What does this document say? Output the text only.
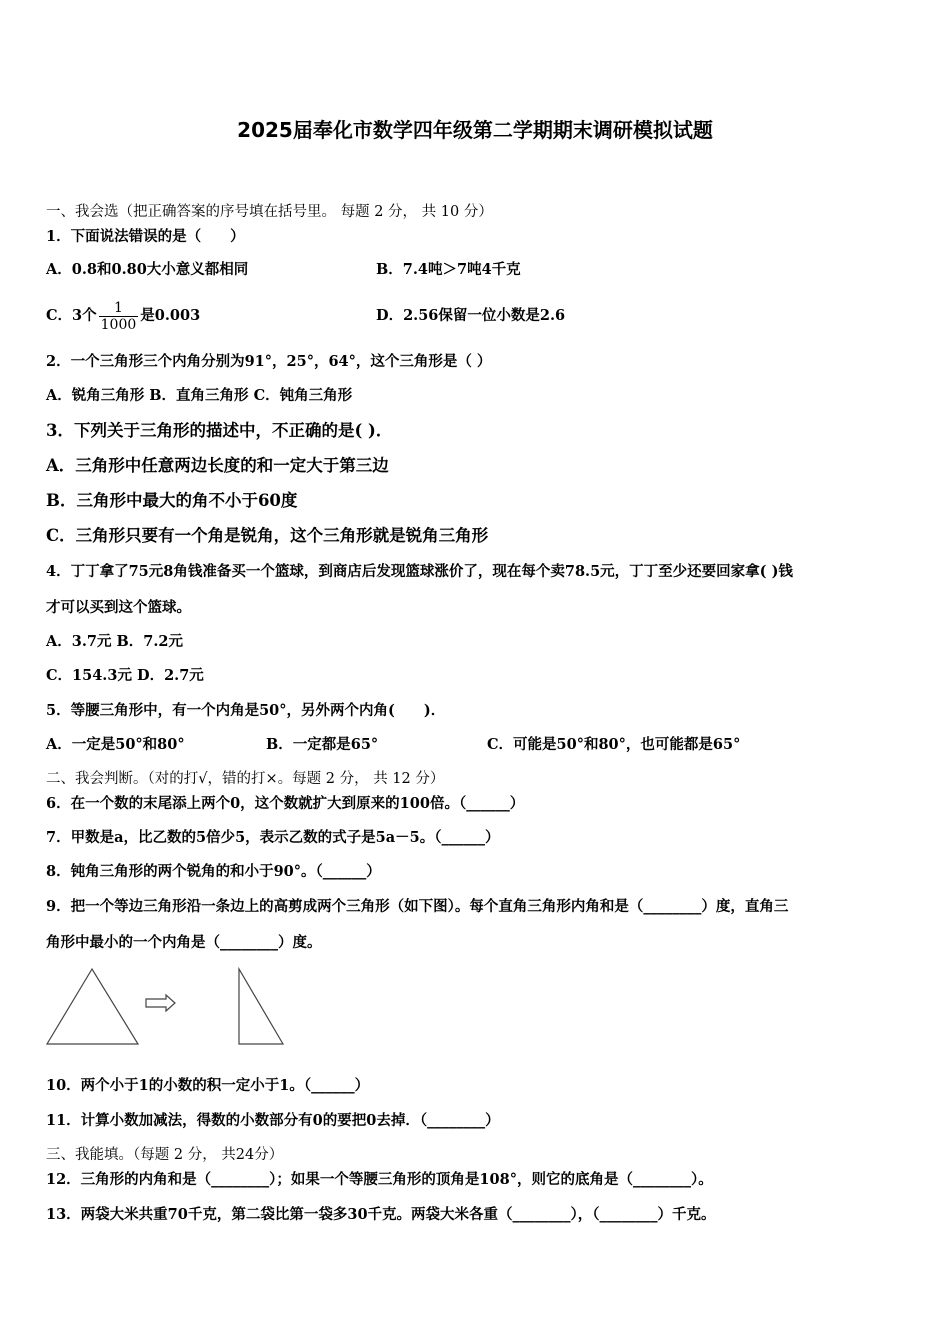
2025届奉化市数学四年级第二学期期末调研模拟试题
一、我会选（把正确答案的序号填在括号里。 每题 2 分， 共 10 分）
1．下面说法错误的是（　　）
A．0.8和0.80大小意义都相同	B．7.4吨＞7吨4千克
C．3个 $\frac{1}{1000}$ 是0.003	D．2.56保留一位小数是2.6
2．一个三角形三个内角分别为91°，25°，64°，这个三角形是（ ）
A．锐角三角形 B．直角三角形 C．钝角三角形
3．下列关于三角形的描述中，不正确的是( )．
A．三角形中任意两边长度的和一定大于第三边
B．三角形中最大的角不小于60度
C．三角形只要有一个角是锐角，这个三角形就是锐角三角形
4．丁丁拿了75元8角钱准备买一个篮球，到商店后发现篮球涨价了，现在每个卖78.5元，丁丁至少还要回家拿( )钱
才可以买到这个篮球。
A．3.7元 B．7.2元
C．154.3元 D．2.7元
5．等腰三角形中，有一个内角是50°，另外两个内角(　　)．
A．一定是50°和80°	B．一定都是65°	C．可能是50°和80°，也可能都是65°
二、我会判断。（对的打√，错的打×。每题 2 分， 共 12 分）
6．在一个数的末尾添上两个0，这个数就扩大到原来的100倍。（______）
7．甲数是a，比乙数的5倍少5，表示乙数的式子是5a－5。（______）
8．钝角三角形的两个锐角的和小于90°。（______）
9．把一个等边三角形沿一条边上的高剪成两个三角形（如下图）。每个直角三角形内角和是（________）度，直角三
角形中最小的一个内角是（________）度。
10．两个小于1的小数的积一定小于1。（______）
11．计算小数加减法，得数的小数部分有0的要把0去掉．（________）
三、我能填。（每题 2 分， 共24分）
12．三角形的内角和是（________）；如果一个等腰三角形的顶角是108°，则它的底角是（________）。
13．两袋大米共重70千克，第二袋比第一袋多30千克。两袋大米各重（________），（________）千克。
